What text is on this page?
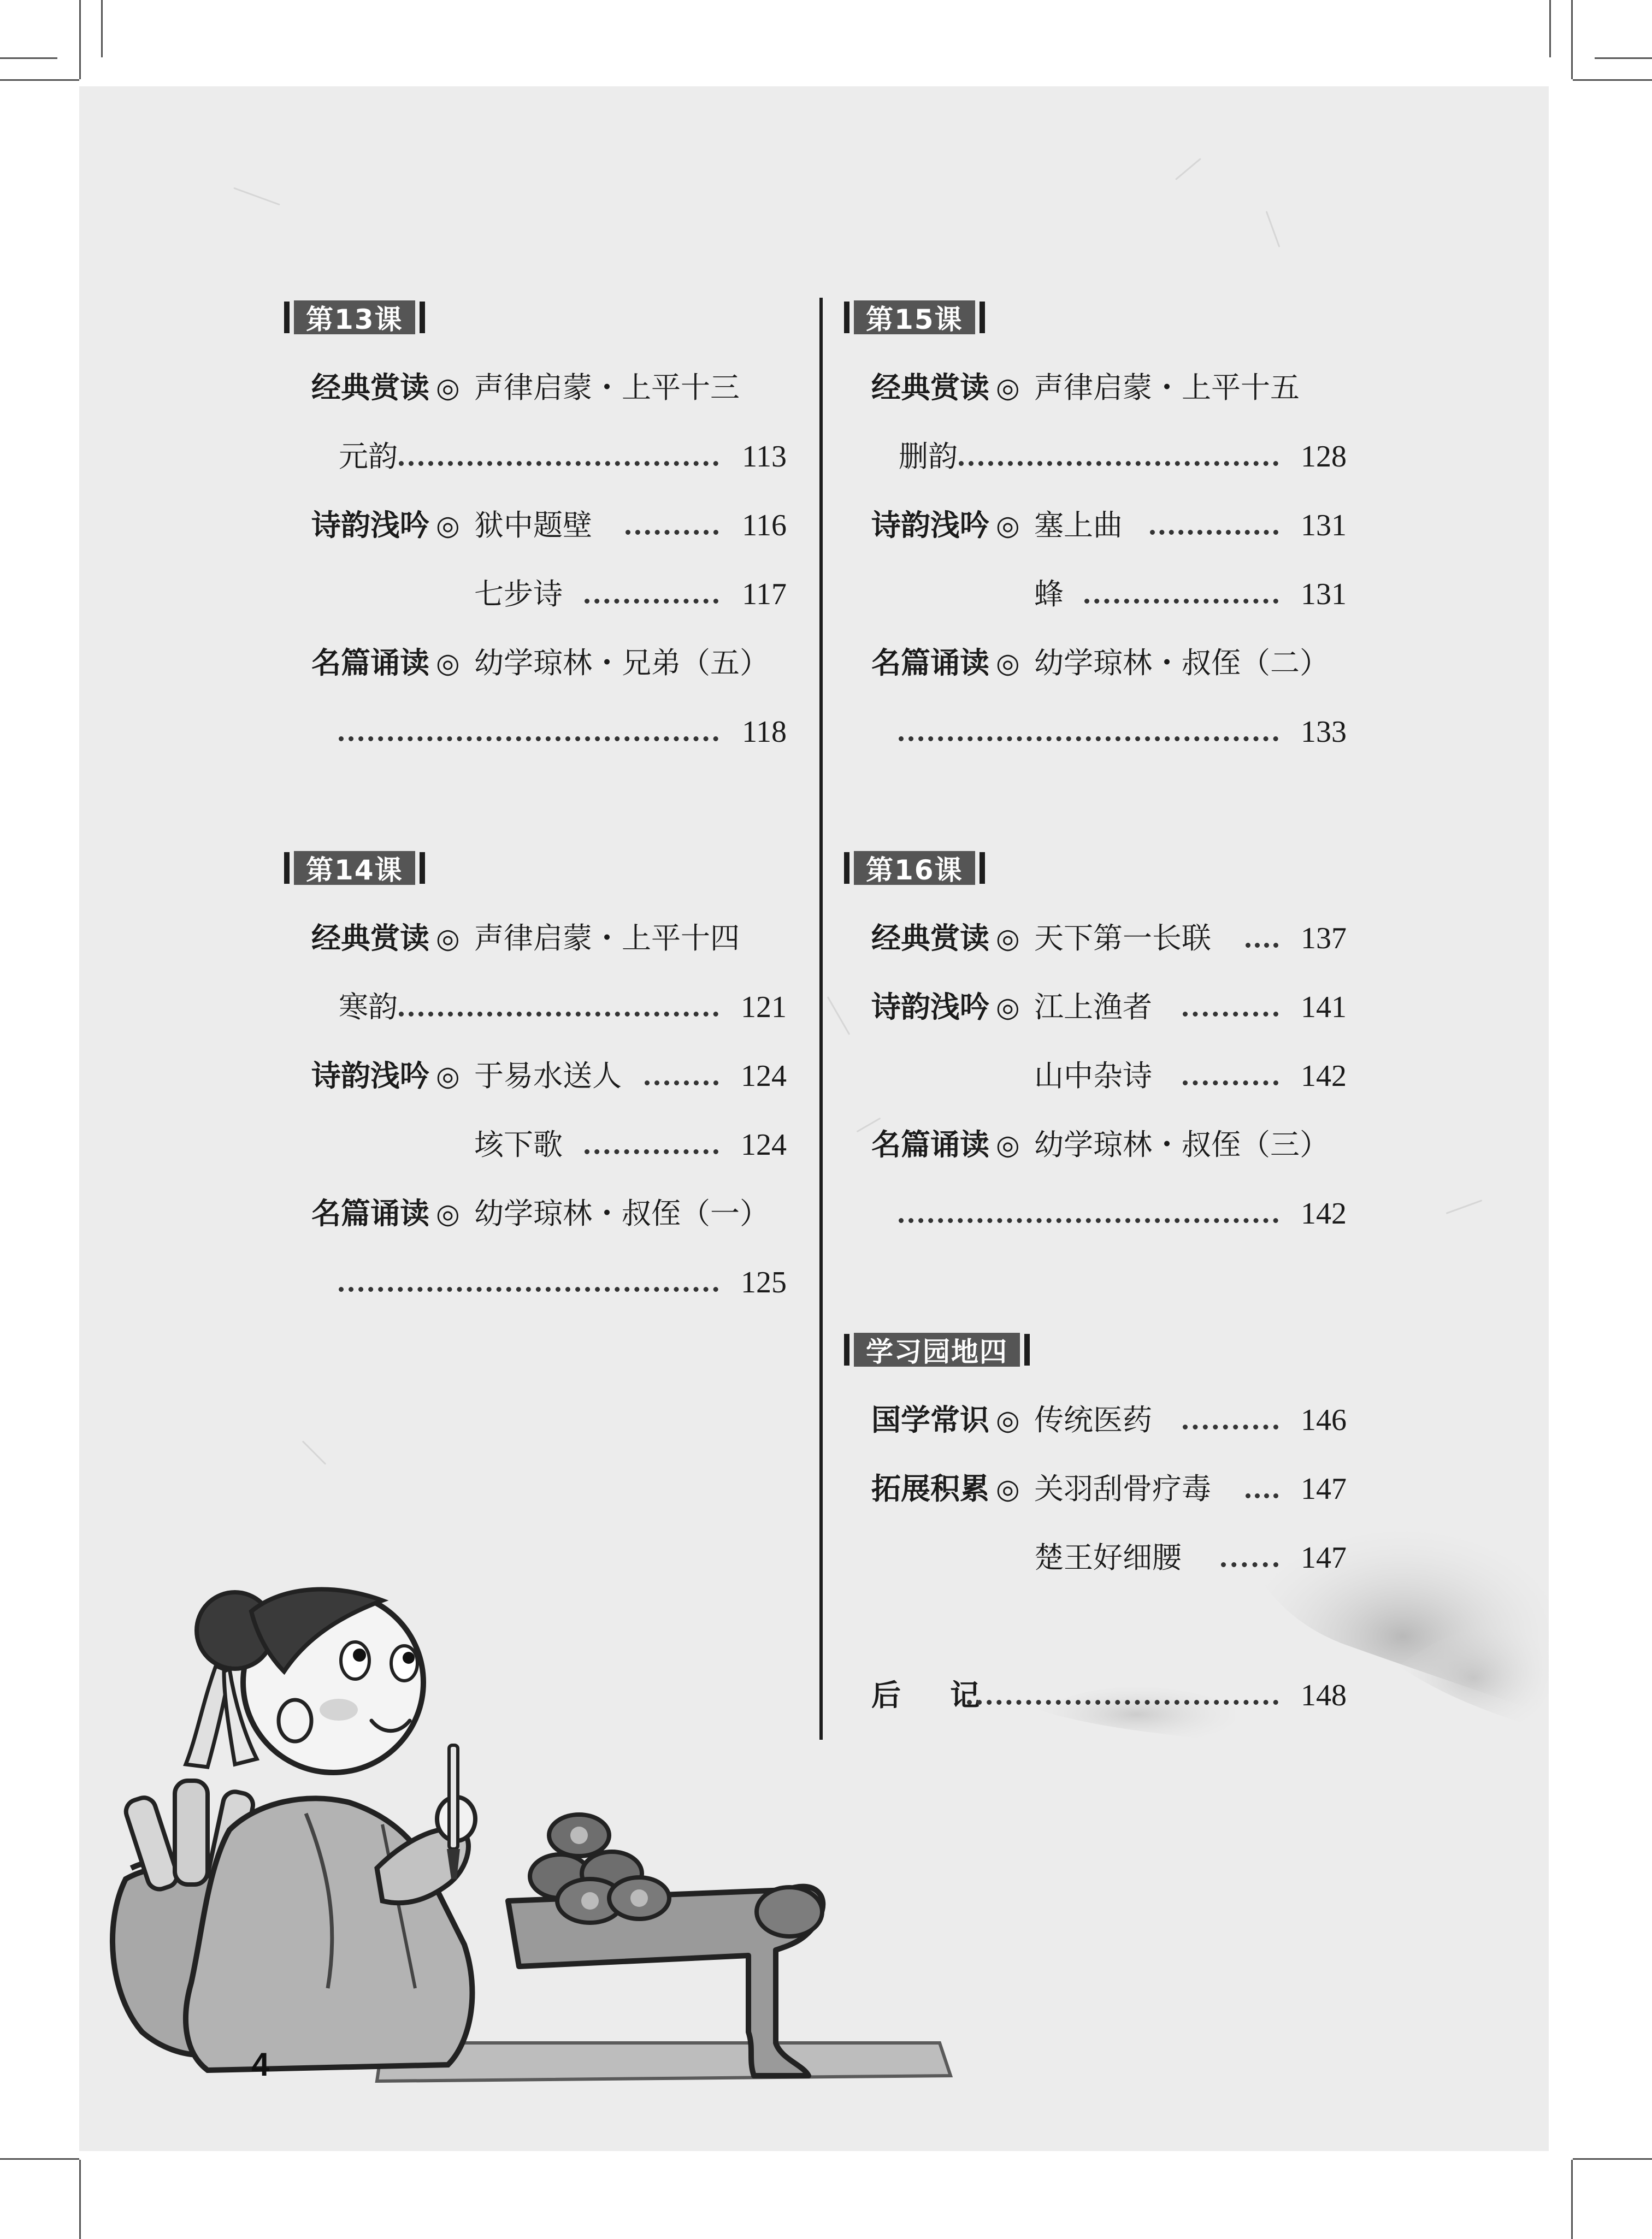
第13课
经典赏读 ◎ 声律启蒙・上平十三
元韵	113
诗韵浅吟 ◎ 狱中题壁	116
七步诗	117
名篇诵读 ◎ 幼学琼林・兄弟（五）
118
第14课
经典赏读 ◎ 声律启蒙・上平十四
寒韵	121
诗韵浅吟 ◎ 于易水送人	124
垓下歌	124
名篇诵读 ◎ 幼学琼林・叔侄（一）
125
第15课
经典赏读 ◎ 声律启蒙・上平十五
删韵	128
诗韵浅吟 ◎ 塞上曲	131
蜂	131
名篇诵读 ◎ 幼学琼林・叔侄（二）
133
第16课
经典赏读 ◎ 天下第一长联	137
诗韵浅吟 ◎ 江上渔者	141
山中杂诗	142
名篇诵读 ◎ 幼学琼林・叔侄（三）
142
学习园地四
国学常识 ◎ 传统医药	146
拓展积累 ◎ 关羽刮骨疗毒	147
楚王好细腰	147
后记	148
4
